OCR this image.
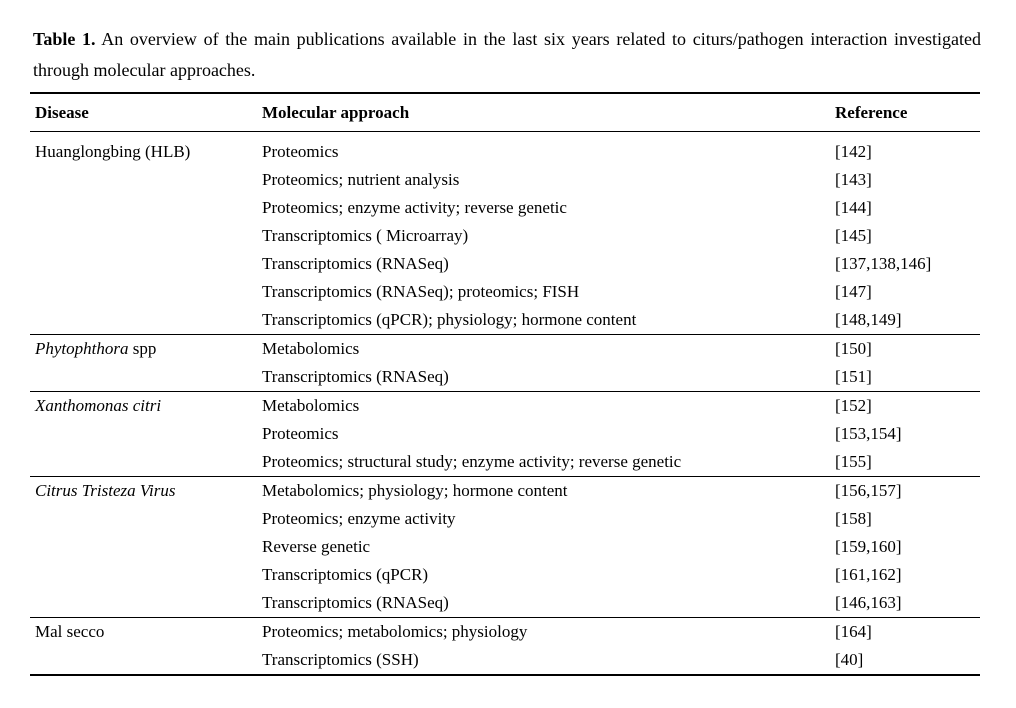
Table 1. An overview of the main publications available in the last six years related to citurs/pathogen interaction investigated through molecular approaches.

Disease	Molecular approach	Reference
Huanglongbing (HLB)	Proteomics	[142]
	Proteomics; nutrient analysis	[143]
	Proteomics; enzyme activity; reverse genetic	[144]
	Transcriptomics ( Microarray)	[145]
	Transcriptomics (RNASeq)	[137,138,146]
	Transcriptomics (RNASeq); proteomics; FISH	[147]
	Transcriptomics (qPCR); physiology; hormone content	[148,149]
Phytophthora spp	Metabolomics	[150]
	Transcriptomics (RNASeq)	[151]
Xanthomonas citri	Metabolomics	[152]
	Proteomics	[153,154]
	Proteomics; structural study; enzyme activity; reverse genetic	[155]
Citrus Tristeza Virus	Metabolomics; physiology; hormone content	[156,157]
	Proteomics; enzyme activity	[158]
	Reverse genetic	[159,160]
	Transcriptomics (qPCR)	[161,162]
	Transcriptomics (RNASeq)	[146,163]
Mal secco	Proteomics; metabolomics; physiology	[164]
	Transcriptomics (SSH)	[40]
